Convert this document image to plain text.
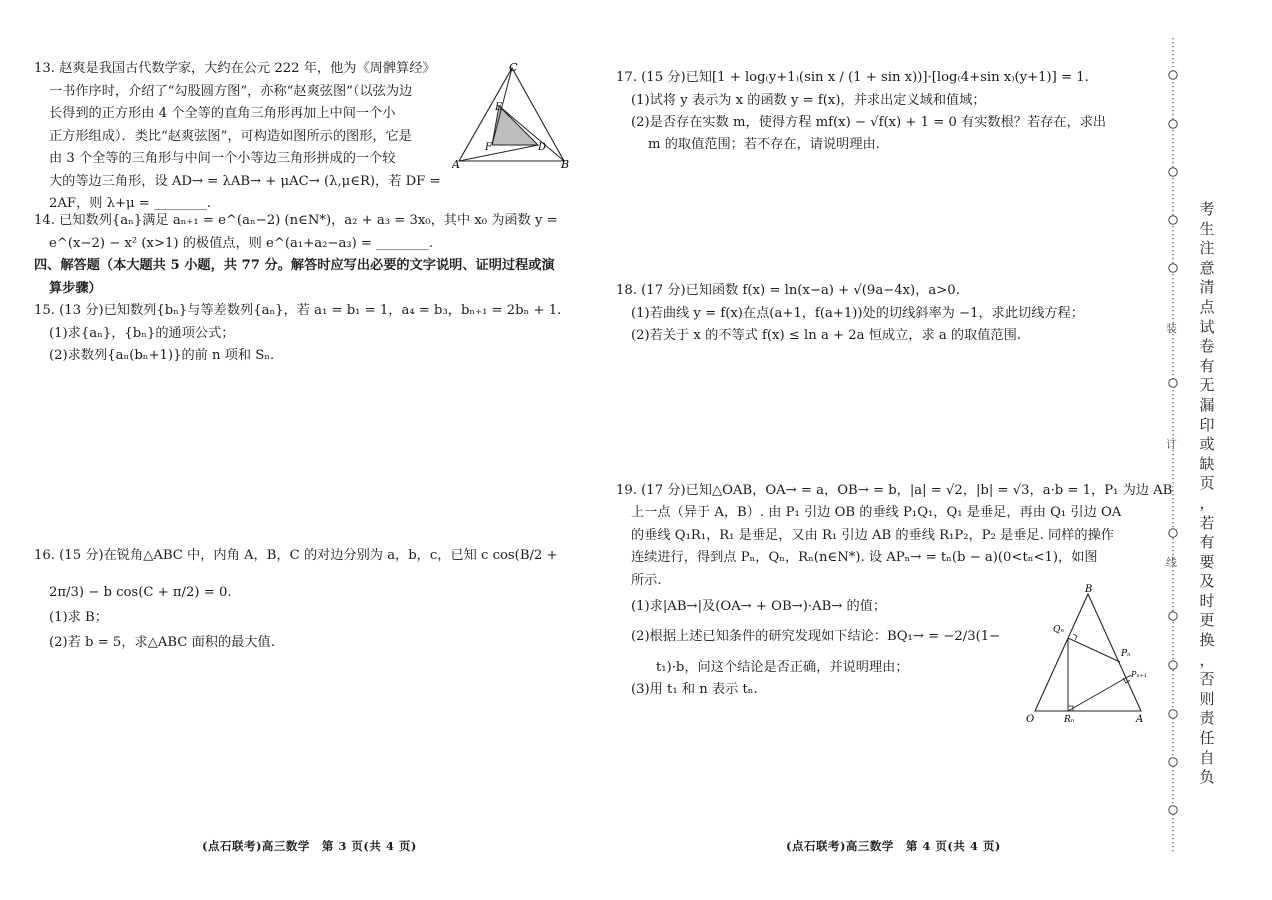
13. 赵爽是我国古代数学家，大约在公元 222 年，他为《周髀算经》
一书作序时，介绍了“勾股圆方图”，亦称“赵爽弦图”（以弦为边
长得到的正方形由 4 个全等的直角三角形再加上中间一个小
正方形组成）．类比“赵爽弦图”，可构造如图所示的图形，它是
由 3 个全等的三角形与中间一个小等边三角形拼成的一个较
大的等边三角形，设 AD→ = λAB→ + μAC→ (λ,μ∈R)，若 DF =
2AF，则 λ+μ = ________.
C
E
F	D
A	B
14. 已知数列{aₙ}满足 aₙ₊₁ = e^(aₙ−2) (n∈N*)，a₂ + a₃ = 3x₀，其中 x₀ 为函数 y =
e^(x−2) − x² (x>1) 的极值点，则 e^(a₁+a₂−a₃) = ________.
四、解答题（本大题共 5 小题，共 77 分。解答时应写出必要的文字说明、证明过程或演
算步骤）
15. (13 分)已知数列{bₙ}与等差数列{aₙ}，若 a₁ = b₁ = 1，a₄ = b₃，bₙ₊₁ = 2bₙ + 1.
(1)求{aₙ}，{bₙ}的通项公式；
(2)求数列{aₙ(bₙ+1)}的前 n 项和 Sₙ.
16. (15 分)在锐角△ABC 中，内角 A，B，C 的对边分别为 a，b，c，已知 c cos(B/2 +
2π/3) − b cos(C + π/2) = 0.
(1)求 B；
(2)若 b = 5，求△ABC 面积的最大值.
(点石联考)高三数学　第 3 页(共 4 页)
17. (15 分)已知[1 + log₍y+1₎(sin x / (1 + sin x))]·[log₍4+sin x₎(y+1)] = 1.
(1)试将 y 表示为 x 的函数 y = f(x)，并求出定义域和值域；
(2)是否存在实数 m，使得方程 mf(x) − √f(x) + 1 = 0 有实数根？若存在，求出
m 的取值范围；若不存在，请说明理由.
18. (17 分)已知函数 f(x) = ln(x−a) + √(9a−4x)，a>0.
(1)若曲线 y = f(x)在点(a+1，f(a+1))处的切线斜率为 −1，求此切线方程；
(2)若关于 x 的不等式 f(x) ≤ ln a + 2a 恒成立，求 a 的取值范围.
19. (17 分)已知△OAB，OA→ = a，OB→ = b，|a| = √2，|b| = √3，a·b = 1，P₁ 为边 AB
上一点（异于 A，B）. 由 P₁ 引边 OB 的垂线 P₁Q₁，Q₁ 是垂足，再由 Q₁ 引边 OA
的垂线 Q₁R₁，R₁ 是垂足，又由 R₁ 引边 AB 的垂线 R₁P₂，P₂ 是垂足. 同样的操作
连续进行，得到点 Pₙ，Qₙ，Rₙ(n∈N*). 设 APₙ→ = tₙ(b − a)(0<tₙ<1)，如图
所示.
(1)求|AB→|及(OA→ + OB→)·AB→ 的值；
(2)根据上述已知条件的研究发现如下结论：BQ₁→ = −2/3(1−
t₁)·b，问这个结论是否正确，并说明理由；
(3)用 t₁ 和 n 表示 tₙ.
B
Qₙ
Pₙ
Pₙ₊₁
O	Rₙ	A
(点石联考)高三数学　第 4 页(共 4 页)
装
订
线
考
生
注
意
清
点
试
卷
有
无
漏
印
或
缺
页
，
若
有
要
及
时
更
换
，
否
则
责
任
自
负
